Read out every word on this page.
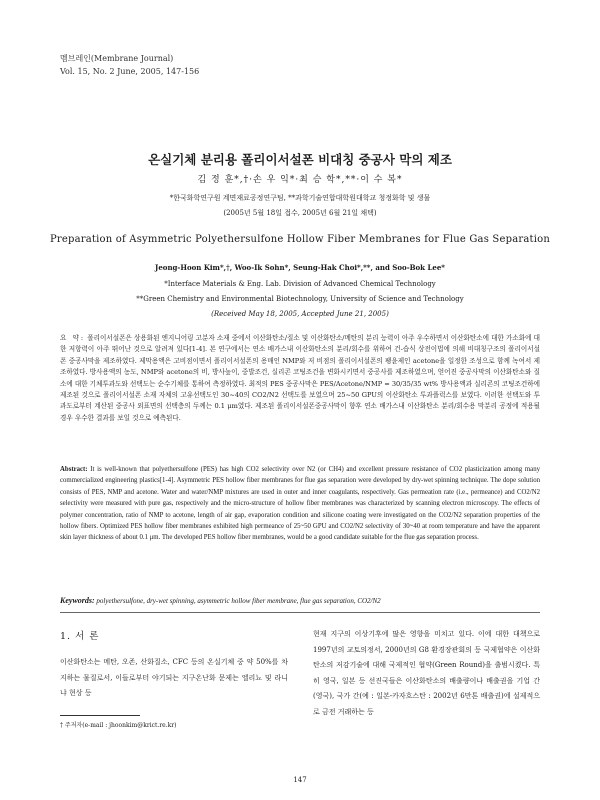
멤브레인(Membrane Journal)
Vol. 15, No. 2 June, 2005, 147-156
온실기체 분리용 폴리이서설폰 비대칭 중공사 막의 제조
김 정 훈*,†·손 우 익*·최 승 학*,**·이 수 복*
*한국화학연구원 계면재료공정연구팀, **과학기술연합대학원대학교 청정화학 및 생물
(2005년 5월 18일 접수, 2005년 6월 21일 채택)
Preparation of Asymmetric Polyethersulfone Hollow Fiber Membranes for Flue Gas Separation
Jeong-Hoon Kim*,†, Woo-Ik Sohn*, Seung-Hak Choi*,**, and Soo-Bok Lee*
*Interface Materials & Eng. Lab. Division of Advanced Chemical Technology
**Green Chemistry and Environmental Biotechnology, University of Science and Technology
(Received May 18, 2005, Accepted June 21, 2005)

요 약: 폴리이서설폰은 상용화된 엔지니어링 고분자 소재 중에서 이산화탄소/질소 및 이산화탄소/메탄의 분리 능력이 아주 우수하면서 이산화탄소에 대한 가소화에 대한 저항력이 아주 뛰어난 것으로 알려져 있다[1-4]. 본 연구에서는 연소 배가스내 이산화탄소의 분리/회수를 위하여 건-습식 상전이법에 의해 비대칭구조의 폴리이서설폰 중공사막을 제조하였다. 제막용액은 고비점이면서 폴리이서설폰의 용매인 NMP와 저 비점의 폴리이서설폰의 팽윤제인 acetone을 일정한 조성으로 함께 녹여서 제조하였다. 방사용액의 농도, NMP와 acetone의 비, 방사높이, 중발조건, 실리콘 코팅조건을 변화시키면서 중공사를 제조하였으며, 얻어진 중공사막의 이산화탄소와 질소에 대한 기체투과도와 선택도는 순수기체를 통하여 측정하였다. 최적의 PES 중공사막은 PES/Acetone/NMP = 30/35/35 wt% 방사용액과 실리콘의 코팅조건하에 제조된 것으로 폴리이서설폰 소재 자체의 고유선택도인 30~40의 CO2/N2 선택도를 보였으며 25~50 GPU의 이산화탄소 투과플럭스를 보였다. 이러한 선택도와 투과도로부터 계산된 중공사 외표면의 선택층의 두께는 0.1 μm였다. 제조된 폴리이서설폰중공사막이 향후 연소 배가스내 이산화탄소 분리/회수용 막분리 공정에 적용될 경우 우수한 결과를 보일 것으로 예측된다.

Abstract: It is well-known that polyethersulfone (PES) has high CO2 selectivity over N2 (or CH4) and excellent pressure resistance of CO2 plasticization among many commercialized engineering plastics[1-4]. Asymmetric PES hollow fiber membranes for flue gas separation were developed by dry-wet spinning technique. The dope solution consists of PES, NMP and acetone. Water and water/NMP mixtures are used in outer and inner coagulants, respectively. Gas permeation rate (i.e., permeance) and CO2/N2 selectivity were measured with pure gas, respectively and the micro-structure of hollow fiber membranes was characterized by scanning electron microscopy. The effects of polymer concentration, ratio of NMP to acetone, length of air gap, evaporation condition and silicone coating were investigated on the CO2/N2 separation properties of the hollow fibers. Optimized PES hollow fiber membranes exhibited high permeance of 25~50 GPU and CO2/N2 selectivity of 30~40 at room temperature and have the apparent skin layer thickness of about 0.1 μm. The developed PES hollow fiber membranes, would be a good candidate suitable for the flue gas separation process.

Keywords: polyethersulfone, dry-wet spinning, asymmetric hollow fiber membrane, flue gas separation, CO2/N2

1. 서 론

이산화탄소는 메탄, 오존, 산화질소, CFC 등의 온실기체 중 약 50%를 차지하는 물질로서, 이들로부터 야기되는 지구온난화 문제는 엘리뇨 및 라니냐 현상 등

현재 지구의 이상기후에 많은 영향을 미치고 있다. 이에 대한 대책으로 1997년의 교토의정서, 2000년의 G8 환경장관회의 등 국제협약은 이산화탄소의 저감기술에 대해 국제적인 협약(Green Round)을 출범시켰다. 특히 영국, 일본 등 선진국들은 이산화탄소의 배출량이나 배출권을 기업 간(영국), 국가 간(예 : 일본-카자흐스탄 : 2002년 6만톤 배출권)에 설제적으로 금전 거래하는 등

† 주저자(e-mail : jhoonkim@krict.re.kr)
147
